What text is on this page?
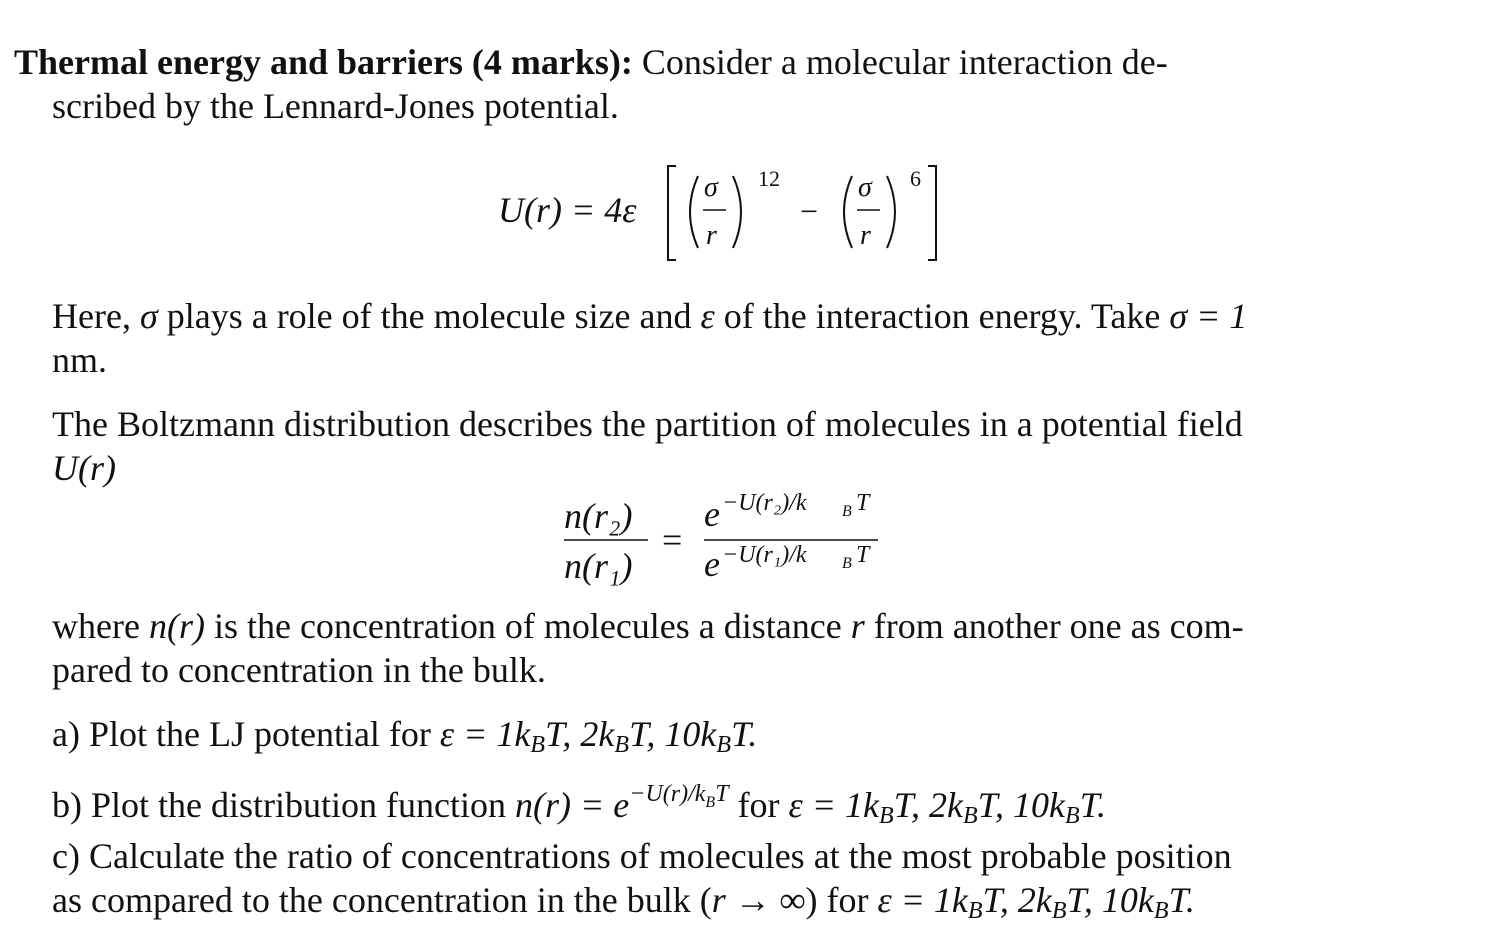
Thermal energy and barriers (4 marks): Consider a molecular interaction de-
scribed by the Lennard-Jones potential.
U(r) = 4ε
σ
r
12
−
σ
r
6
Here, σ plays a role of the molecule size and ε of the interaction energy. Take σ = 1
nm.
The Boltzmann distribution describes the partition of molecules in a potential field
U(r)
n(r₂)
n(r₁)
=
e −U(r₂)/k B T
e −U(r₁)/k B T
where n(r) is the concentration of molecules a distance r from another one as com-
pared to concentration in the bulk.
a) Plot the LJ potential for $\varepsilon = 1k_BT$, $2k_BT$, $10k_BT$.
b) Plot the distribution function $n(r) = e^{-U(r)/kBT}$ for $\varepsilon = 1k_BT$, $2k_BT$, $10k_BT$.
c) Calculate the ratio of concentrations of molecules at the most probable position
as compared to the concentration in the bulk (r → ∞) for $\varepsilon = 1k_BT$, $2k_BT$, $10k_BT$.
